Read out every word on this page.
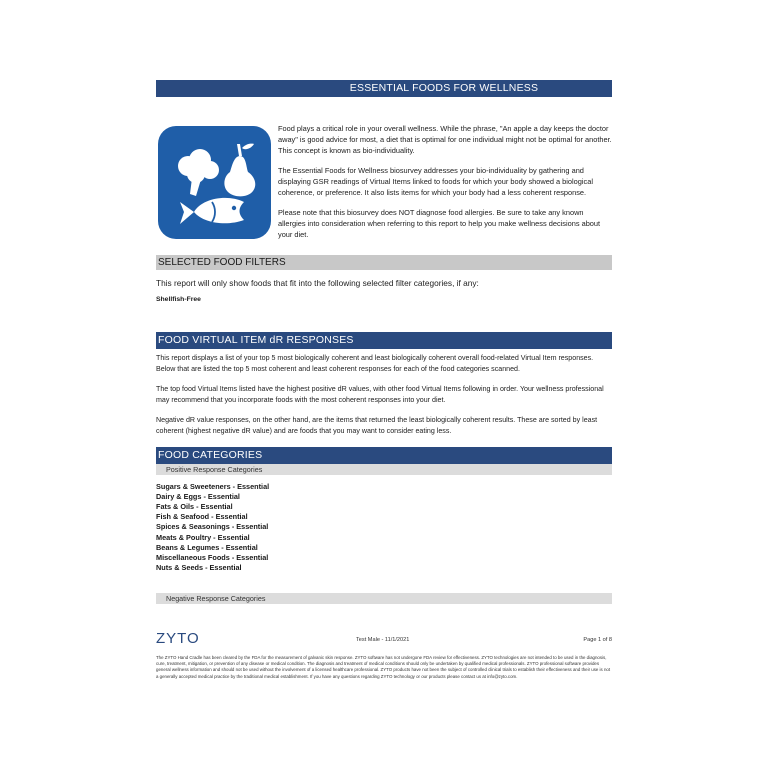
ESSENTIAL FOODS FOR WELLNESS

Food plays a critical role in your overall wellness. While the phrase, "An apple a day keeps the doctor away" is good advice for most, a diet that is optimal for one individual might not be optimal for another. This concept is known as bio-individuality.

The Essential Foods for Wellness biosurvey addresses your bio-individuality by gathering and displaying GSR readings of Virtual Items linked to foods for which your body showed a biological coherence, or preference. It also lists items for which your body had a less coherent response.

Please note that this biosurvey does NOT diagnose food allergies. Be sure to take any known allergies into consideration when referring to this report to help you make wellness decisions about your diet.

SELECTED FOOD FILTERS

This report will only show foods that fit into the following selected filter categories, if any:

Shellfish-Free

FOOD VIRTUAL ITEM dR RESPONSES

This report displays a list of your top 5 most biologically coherent and least biologically coherent overall food-related Virtual Item responses. Below that are listed the top 5 most coherent and least coherent responses for each of the food categories scanned.

The top food Virtual Items listed have the highest positive dR values, with other food Virtual Items following in order. Your wellness professional may recommend that you incorporate foods with the most coherent responses into your diet.

Negative dR value responses, on the other hand, are the items that returned the least biologically coherent results. These are sorted by least coherent (highest negative dR value) and are foods that you may want to consider eating less.

FOOD CATEGORIES
Positive Response Categories
Sugars & Sweeteners - Essential
Dairy & Eggs - Essential
Fats & Oils - Essential
Fish & Seafood - Essential
Spices & Seasonings - Essential
Meats & Poultry - Essential
Beans & Legumes - Essential
Miscellaneous Foods - Essential
Nuts & Seeds - Essential
Negative Response Categories
ZYTO	Test Male - 11/1/2021	Page 1 of 8
The ZYTO Hand Cradle has been cleared by the FDA for the measurement of galvanic skin response. ZYTO software has not undergone FDA review for effectiveness. ZYTO technologies are not intended to be used in the diagnosis, cure, treatment, mitigation, or prevention of any disease or medical condition. The diagnosis and treatment of medical conditions should only be undertaken by qualified medical professionals. ZYTO professional software provides general wellness information and should not be used without the involvement of a licensed healthcare professional. ZYTO products have not been the subject of controlled clinical trials to establish their effectiveness and their use is not a generally accepted medical practice by the traditional medical establishment. If you have any questions regarding ZYTO technology or our products please contact us at info@zyto.com.
